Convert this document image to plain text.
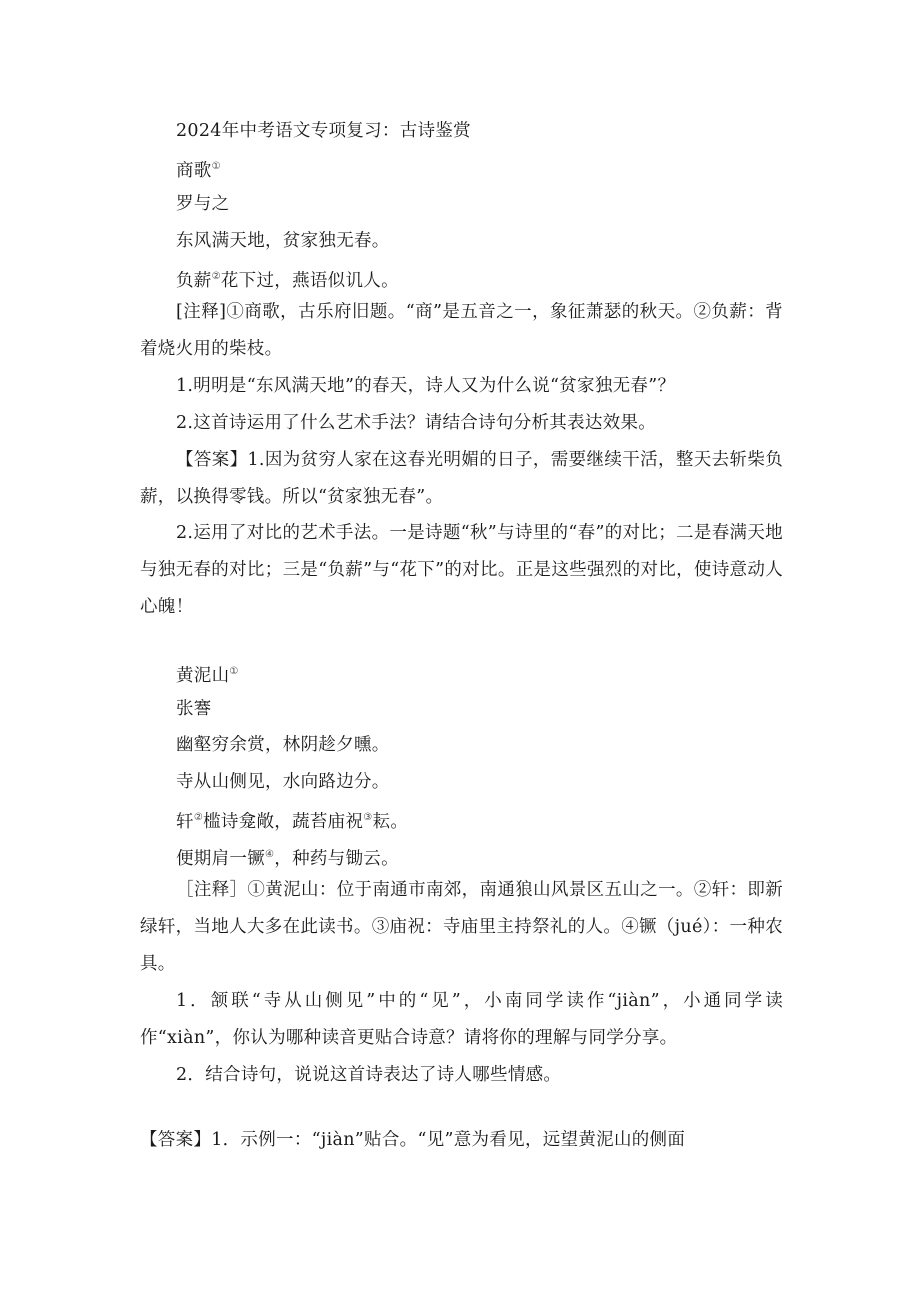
2024年中考语文专项复习：古诗鉴赏
商歌①
罗与之
东风满天地，贫家独无春。
负薪②花下过，燕语似讥人。
[注释]①商歌，古乐府旧题。“商”是五音之一，象征萧瑟的秋天。②负薪：背着烧火用的柴枝。
1.明明是“东风满天地”的春天，诗人又为什么说“贫家独无春”？
2.这首诗运用了什么艺术手法？请结合诗句分析其表达效果。
【答案】1.因为贫穷人家在这春光明媚的日子，需要继续干活，整天去斩柴负薪，以换得零钱。所以“贫家独无春”。
2.运用了对比的艺术手法。一是诗题“秋”与诗里的“春”的对比；二是春满天地与独无春的对比；三是“负薪”与“花下”的对比。正是这些强烈的对比，使诗意动人心魄！
黄泥山①
张謇
幽壑穷余赏，林阴趁夕曛。
寺从山侧见，水向路边分。
轩②槛诗龛敞，蔬苔庙祝③耘。
便期肩一镢④，种药与锄云。
［注释］①黄泥山：位于南通市南郊，南通狼山风景区五山之一。②轩：即新绿轩，当地人大多在此读书。③庙祝：寺庙里主持祭礼的人。④镢（jué）：一种农具。
1．颔联“寺从山侧见”中的“见”，小南同学读作“jiàn”，小通同学读作“xiàn”，你认为哪种读音更贴合诗意？请将你的理解与同学分享。
2．结合诗句，说说这首诗表达了诗人哪些情感。
【答案】1．示例一：“jiàn”贴合。“见”意为看见，远望黄泥山的侧面
